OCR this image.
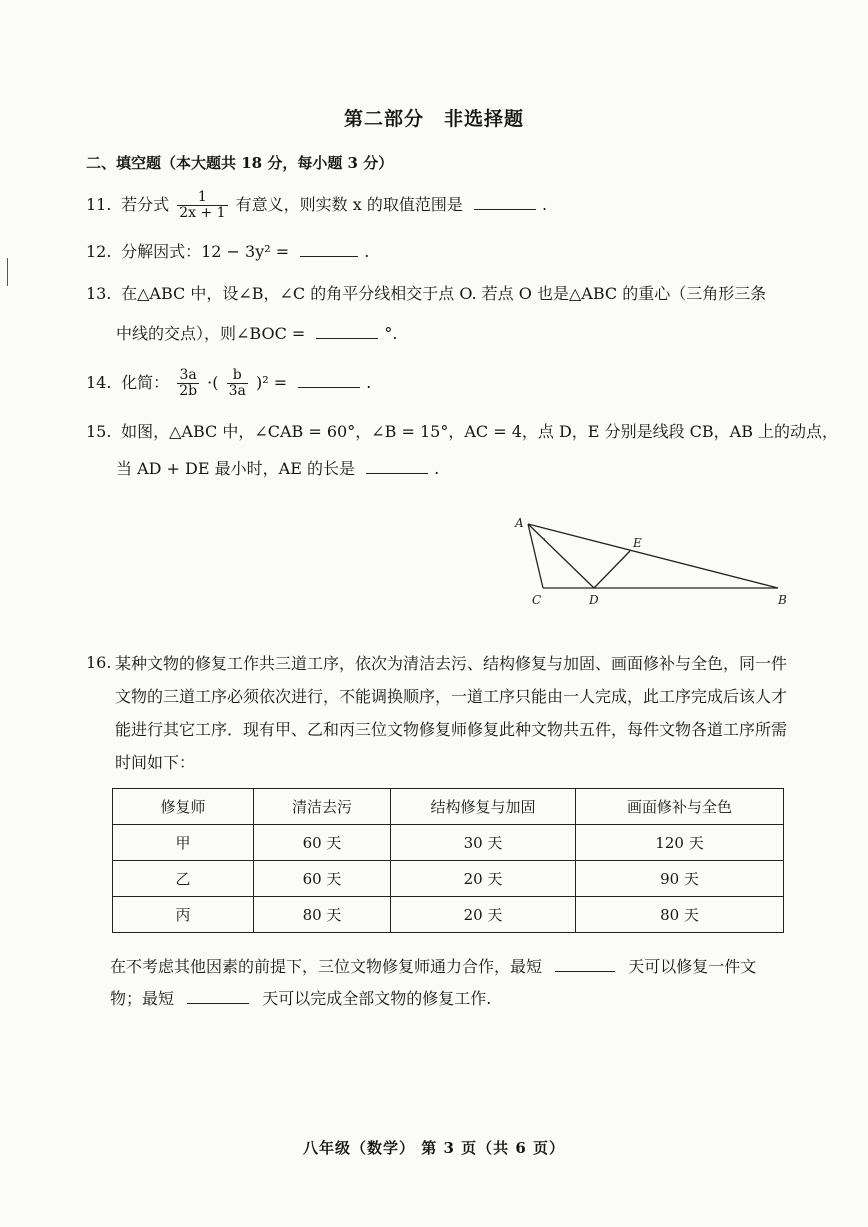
第二部分　非选择题
二、填空题（本大题共 18 分，每小题 3 分）
11. 若分式 $\frac{1}{2x + 1}$ 有意义，则实数 x 的取值范围是	.
12. 分解因式：12 − 3y² =	.
13. 在△ABC 中，设∠B，∠C 的角平分线相交于点 O. 若点 O 也是△ABC 的重心（三角形三条
中线的交点），则∠BOC =	°.
14. 化简： $\frac{3a}{2b}$ ·( $\frac{b}{3a} )^2$ =	.
15. 如图，△ABC 中，∠CAB = 60°，∠B = 15°，AC = 4，点 D，E 分别是线段 CB，AB 上的动点，
当 AD + DE 最小时，AE 的长是	.
A
E
C	D	B
16. 某种文物的修复工作共三道工序，依次为清洁去污、结构修复与加固、画面修补与全色，同一件文物的三道工序必须依次进行，不能调换顺序，一道工序只能由一人完成，此工序完成后该人才能进行其它工序．现有甲、乙和丙三位文物修复师修复此种文物共五件，每件文物各道工序所需时间如下：
修复师	清洁去污	结构修复与加固	画面修补与全色
甲	60 天	30 天	120 天
乙	60 天	20 天	90 天
丙	80 天	20 天	80 天
在不考虑其他因素的前提下，三位文物修复师通力合作，最短	天可以修复一件文
物；最短	天可以完成全部文物的修复工作.
八年级（数学） 第 3 页（共 6 页）
